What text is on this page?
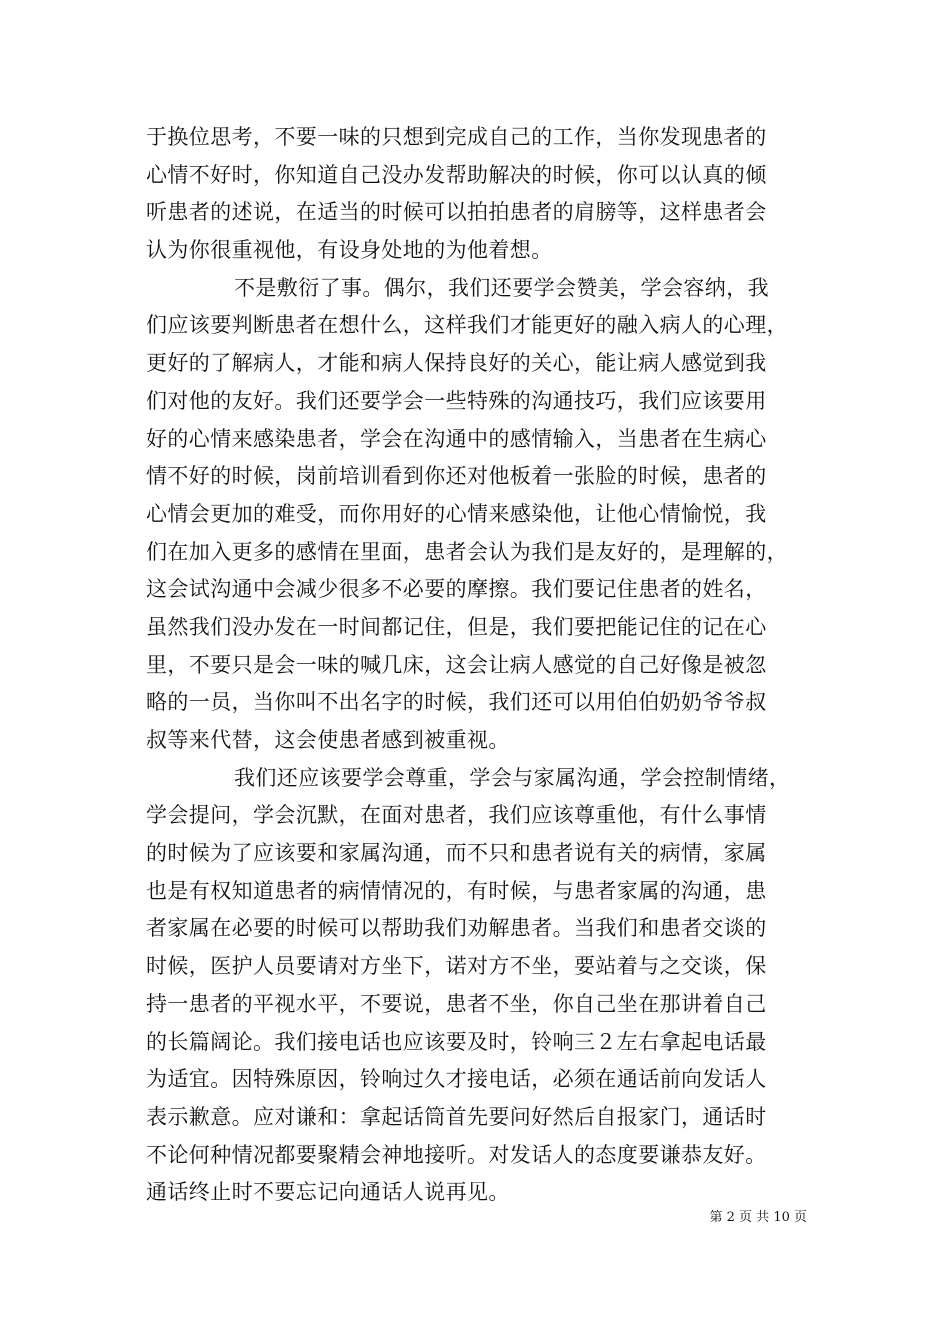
于换位思考，不要一味的只想到完成自己的工作，当你发现患者的
心情不好时，你知道自己没办发帮助解决的时候，你可以认真的倾
听患者的述说，在适当的时候可以拍拍患者的肩膀等，这样患者会
认为你很重视他，有设身处地的为他着想。
不是敷衍了事。偶尔，我们还要学会赞美，学会容纳，我
们应该要判断患者在想什么，这样我们才能更好的融入病人的心理，
更好的了解病人，才能和病人保持良好的关心，能让病人感觉到我
们对他的友好。我们还要学会一些特殊的沟通技巧，我们应该要用
好的心情来感染患者，学会在沟通中的感情输入，当患者在生病心
情不好的时候，岗前培训看到你还对他板着一张脸的时候，患者的
心情会更加的难受，而你用好的心情来感染他，让他心情愉悦，我
们在加入更多的感情在里面，患者会认为我们是友好的，是理解的，
这会试沟通中会减少很多不必要的摩擦。我们要记住患者的姓名，
虽然我们没办发在一时间都记住，但是，我们要把能记住的记在心
里，不要只是会一味的喊几床，这会让病人感觉的自己好像是被忽
略的一员，当你叫不出名字的时候，我们还可以用伯伯奶奶爷爷叔
叔等来代替，这会使患者感到被重视。
我们还应该要学会尊重，学会与家属沟通，学会控制情绪，
学会提问，学会沉默，在面对患者，我们应该尊重他，有什么事情
的时候为了应该要和家属沟通，而不只和患者说有关的病情，家属
也是有权知道患者的病情情况的，有时候，与患者家属的沟通，患
者家属在必要的时候可以帮助我们劝解患者。当我们和患者交谈的
时候，医护人员要请对方坐下，诺对方不坐，要站着与之交谈，保
持一患者的平视水平，不要说，患者不坐，你自己坐在那讲着自己
的长篇阔论。我们接电话也应该要及时，铃响三２左右拿起电话最
为适宜。因特殊原因，铃响过久才接电话，必须在通话前向发话人
表示歉意。应对谦和：拿起话筒首先要问好然后自报家门，通话时
不论何种情况都要聚精会神地接听。对发话人的态度要谦恭友好。
通话终止时不要忘记向通话人说再见。
第 2 页 共 10 页
